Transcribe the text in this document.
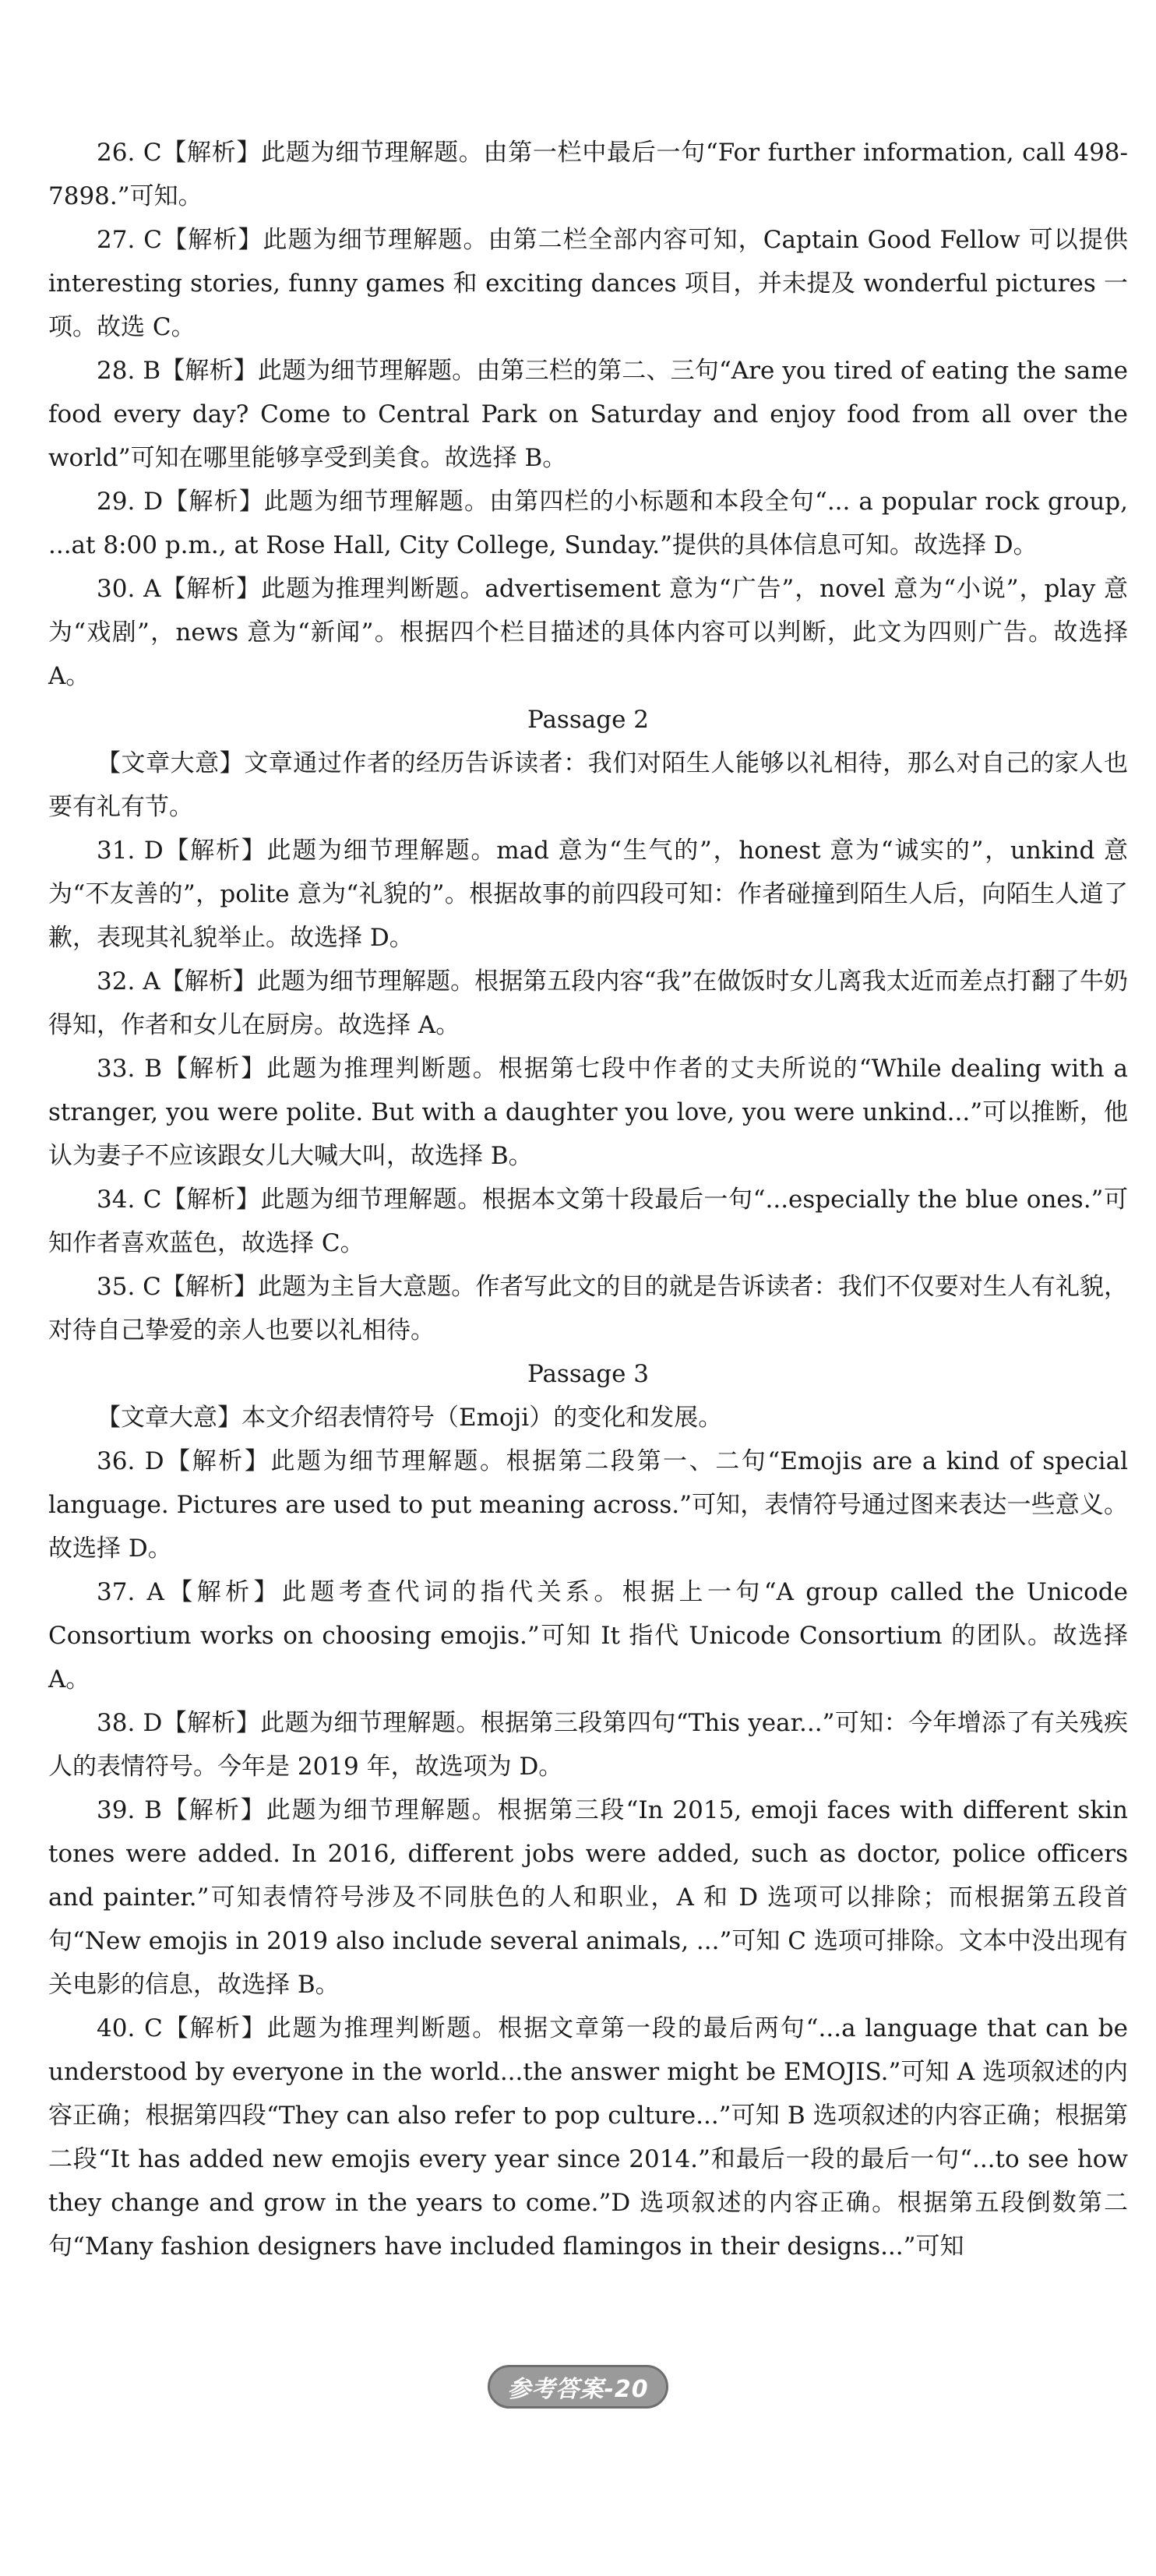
26. C【解析】此题为细节理解题。由第一栏中最后一句“For further information, call 498-7898.”可知。

27. C【解析】此题为细节理解题。由第二栏全部内容可知，Captain Good Fellow 可以提供 interesting stories, funny games 和 exciting dances 项目，并未提及 wonderful pictures 一项。故选 C。

28. B【解析】此题为细节理解题。由第三栏的第二、三句“Are you tired of eating the same food every day? Come to Central Park on Saturday and enjoy food from all over the world”可知在哪里能够享受到美食。故选择 B。

29. D【解析】此题为细节理解题。由第四栏的小标题和本段全句“... a popular rock group, ...at 8:00 p.m., at Rose Hall, City College, Sunday.”提供的具体信息可知。故选择 D。

30. A【解析】此题为推理判断题。advertisement 意为“广告”，novel 意为“小说”，play 意为“戏剧”，news 意为“新闻”。根据四个栏目描述的具体内容可以判断，此文为四则广告。故选择 A。

Passage 2

【文章大意】文章通过作者的经历告诉读者：我们对陌生人能够以礼相待，那么对自己的家人也要有礼有节。

31. D【解析】此题为细节理解题。mad 意为“生气的”，honest 意为“诚实的”，unkind 意为“不友善的”，polite 意为“礼貌的”。根据故事的前四段可知：作者碰撞到陌生人后，向陌生人道了歉，表现其礼貌举止。故选择 D。

32. A【解析】此题为细节理解题。根据第五段内容“我”在做饭时女儿离我太近而差点打翻了牛奶得知，作者和女儿在厨房。故选择 A。

33. B【解析】此题为推理判断题。根据第七段中作者的丈夫所说的“While dealing with a stranger, you were polite. But with a daughter you love, you were unkind...”可以推断，他认为妻子不应该跟女儿大喊大叫，故选择 B。

34. C【解析】此题为细节理解题。根据本文第十段最后一句“...especially the blue ones.”可知作者喜欢蓝色，故选择 C。

35. C【解析】此题为主旨大意题。作者写此文的目的就是告诉读者：我们不仅要对生人有礼貌，对待自己挚爱的亲人也要以礼相待。

Passage 3

【文章大意】本文介绍表情符号（Emoji）的变化和发展。

36. D【解析】此题为细节理解题。根据第二段第一、二句“Emojis are a kind of special language. Pictures are used to put meaning across.”可知，表情符号通过图来表达一些意义。故选择 D。

37. A【解析】此题考查代词的指代关系。根据上一句“A group called the Unicode Consortium works on choosing emojis.”可知 It 指代 Unicode Consortium 的团队。故选择 A。

38. D【解析】此题为细节理解题。根据第三段第四句“This year...”可知：今年增添了有关残疾人的表情符号。今年是 2019 年，故选项为 D。

39. B【解析】此题为细节理解题。根据第三段“In 2015, emoji faces with different skin tones were added. In 2016, different jobs were added, such as doctor, police officers and painter.”可知表情符号涉及不同肤色的人和职业，A 和 D 选项可以排除；而根据第五段首句“New emojis in 2019 also include several animals, ...”可知 C 选项可排除。文本中没出现有关电影的信息，故选择 B。

40. C【解析】此题为推理判断题。根据文章第一段的最后两句“...a language that can be understood by everyone in the world...the answer might be EMOJIS.”可知 A 选项叙述的内容正确；根据第四段“They can also refer to pop culture...”可知 B 选项叙述的内容正确；根据第二段“It has added new emojis every year since 2014.”和最后一段的最后一句“...to see how they change and grow in the years to come.”D 选项叙述的内容正确。根据第五段倒数第二句“Many fashion designers have included flamingos in their designs...”可知

参考答案-20
